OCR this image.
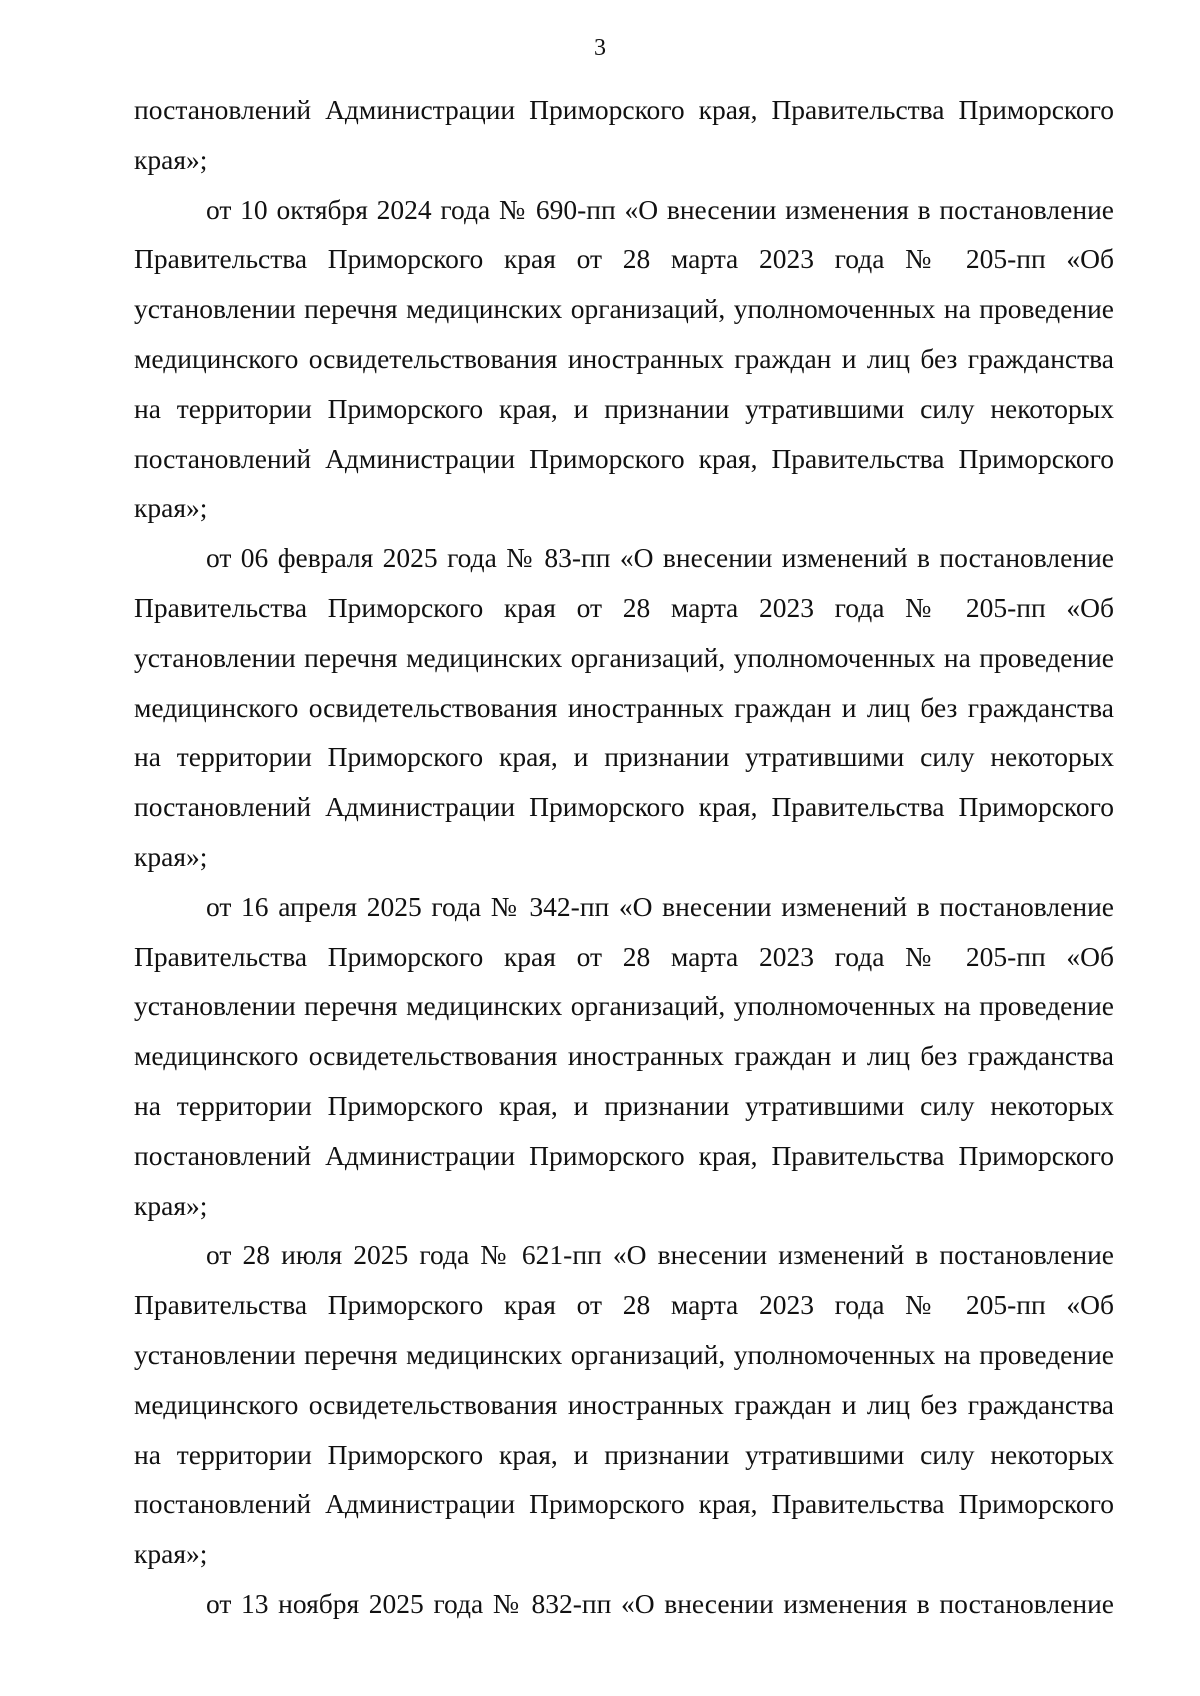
3
постановлений Администрации Приморского края, Правительства Приморского
края»;
от 10 октября 2024 года № 690-пп «О внесении изменения в постановление
Правительства Приморского края от 28 марта 2023 года № 205-пп «Об
установлении перечня медицинских организаций, уполномоченных на проведение
медицинского освидетельствования иностранных граждан и лиц без гражданства
на территории Приморского края, и признании утратившими силу некоторых
постановлений Администрации Приморского края, Правительства Приморского
края»;
от 06 февраля 2025 года № 83-пп «О внесении изменений в постановление
Правительства Приморского края от 28 марта 2023 года № 205-пп «Об
установлении перечня медицинских организаций, уполномоченных на проведение
медицинского освидетельствования иностранных граждан и лиц без гражданства
на территории Приморского края, и признании утратившими силу некоторых
постановлений Администрации Приморского края, Правительства Приморского
края»;
от 16 апреля 2025 года № 342-пп «О внесении изменений в постановление
Правительства Приморского края от 28 марта 2023 года № 205-пп «Об
установлении перечня медицинских организаций, уполномоченных на проведение
медицинского освидетельствования иностранных граждан и лиц без гражданства
на территории Приморского края, и признании утратившими силу некоторых
постановлений Администрации Приморского края, Правительства Приморского
края»;
от 28 июля 2025 года № 621-пп «О внесении изменений в постановление
Правительства Приморского края от 28 марта 2023 года № 205-пп «Об
установлении перечня медицинских организаций, уполномоченных на проведение
медицинского освидетельствования иностранных граждан и лиц без гражданства
на территории Приморского края, и признании утратившими силу некоторых
постановлений Администрации Приморского края, Правительства Приморского
края»;
от 13 ноября 2025 года № 832-пп «О внесении изменения в постановление
